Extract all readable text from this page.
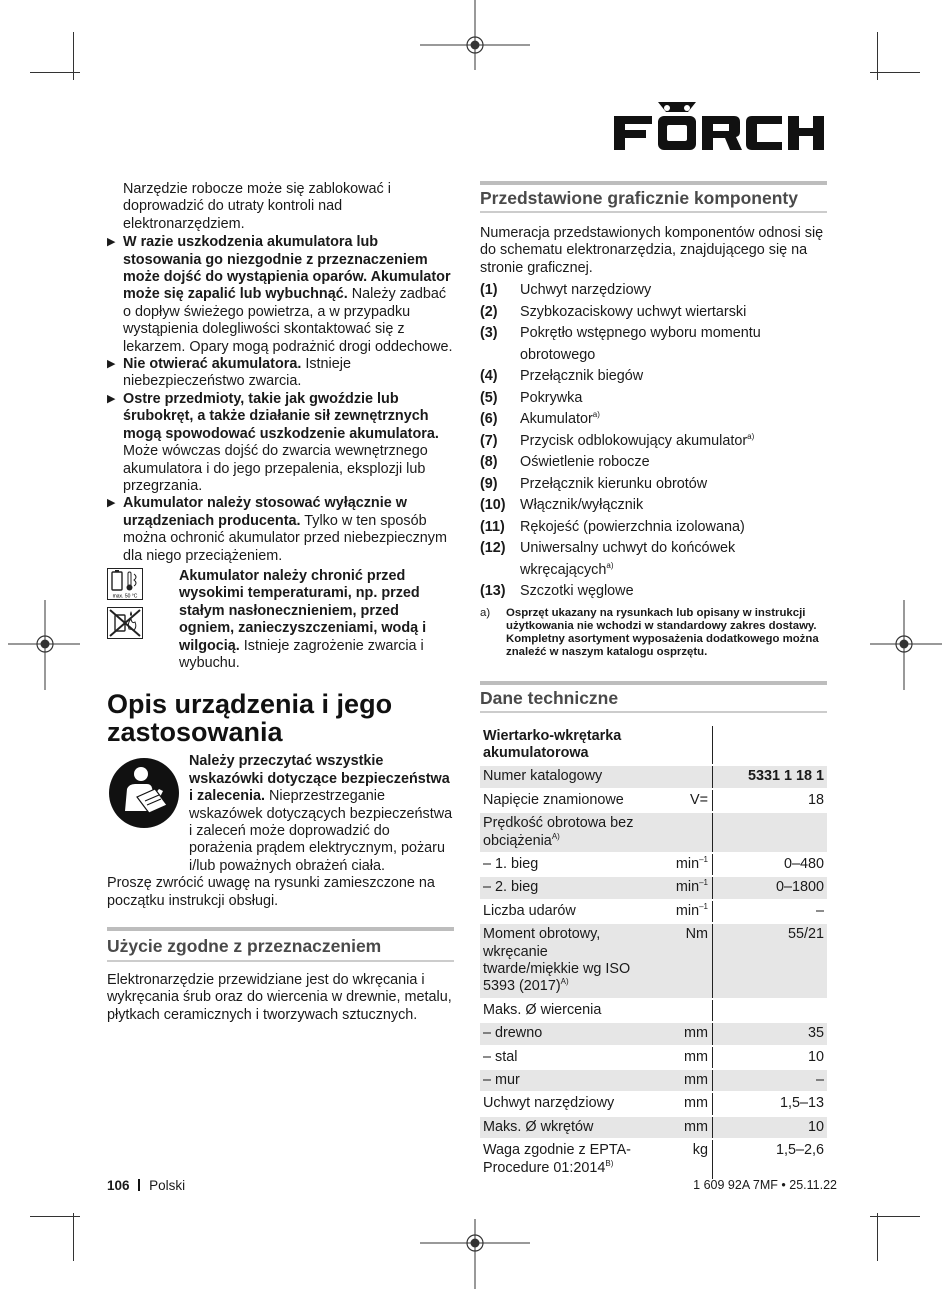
Narzędzie robocze może się zablokować i doprowadzić do utraty kontroli nad elektronarzędziem.

▶ W razie uszkodzenia akumulatora lub stosowania go niezgodnie z przeznaczeniem może dojść do wystąpienia oparów. Akumulator może się zapalić lub wybuchnąć. Należy zadbać o dopływ świeżego powietrza, a w przypadku wystąpienia dolegliwości skontaktować się z lekarzem. Opary mogą podrażnić drogi oddechowe.
▶ Nie otwierać akumulatora. Istnieje niebezpieczeństwo zwarcia.
▶ Ostre przedmioty, takie jak gwoździe lub śrubokręt, a także działanie sił zewnętrznych mogą spowodować uszkodzenie akumulatora. Może wówczas dojść do zwarcia wewnętrznego akumulatora i do jego przepalenia, eksplozji lub przegrzania.
▶ Akumulator należy stosować wyłącznie w urządzeniach producenta. Tylko w ten sposób można ochronić akumulator przed niebezpiecznym dla niego przeciążeniem.
max. 50 °C

Akumulator należy chronić przed wysokimi temperaturami, np. przed stałym nasłonecznieniem, przed ogniem, zanieczyszczeniami, wodą i wilgocią. Istnieje zagrożenie zwarcia i wybuchu.

Opis urządzenia i jego zastosowania

Należy przeczytać wszystkie wskazówki dotyczące bezpieczeństwa i zalecenia. Nieprzestrzeganie wskazówek dotyczących bezpieczeństwa i zaleceń może doprowadzić do porażenia prądem elektrycznym, pożaru i/lub poważnych obrażeń ciała.

Proszę zwrócić uwagę na rysunki zamieszczone na początku instrukcji obsługi.

Użycie zgodne z przeznaczeniem

Elektronarzędzie przewidziane jest do wkręcania i wykręcania śrub oraz do wiercenia w drewnie, metalu, płytkach ceramicznych i tworzywach sztucznych.

Przedstawione graficznie komponenty

Numeracja przedstawionych komponentów odnosi się do schematu elektronarzędzia, znajdującego się na stronie graficznej.

(1)	Uchwyt narzędziowy
(2)	Szybkozaciskowy uchwyt wiertarski
(3)	Pokrętło wstępnego wyboru momentu obrotowego
(4)	Przełącznik biegów
(5)	Pokrywka
(6)	Akumulator$^{a)}$
(7)	Przycisk odblokowujący akumulator$^{a)}$
(8)	Oświetlenie robocze
(9)	Przełącznik kierunku obrotów
(10)	Włącznik/wyłącznik
(11)	Rękojeść (powierzchnia izolowana)
(12)	Uniwersalny uchwyt do końcówek wkręcających$^{a)}$
(13)	Szczotki węglowe
a)	Osprzęt ukazany na rysunkach lub opisany w instrukcji użytkowania nie wchodzi w standardowy zakres dostawy. Kompletny asortyment wyposażenia dodatkowego można znaleźć w naszym katalogu osprzętu.
Dane techniczne
Wiertarko-wkrętarka akumulatorowa		
Numer katalogowy		5331 1 18 1
Napięcie znamionowe	V=	18
Prędkość obrotowa bez obciążenia$^{A)}$		
– 1. bieg	$\min^{-1}$	0–480
– 2. bieg	$\min^{-1}$	0–1800
Liczba udarów	$\min^{-1}$	–
Moment obrotowy, wkręcanie twarde/miękkie wg ISO 5393 $(2017)^{A)}$	Nm	55/21
Maks. Ø wiercenia		
– drewno	mm	35
– stal	mm	10
– mur	mm	–
Uchwyt narzędziowy	mm	1,5–13
Maks. Ø wkrętów	mm	10
Waga zgodnie z EPTA-Procedure $01:2014^{B)}$	kg	1,5–2,6
106 Polski	1 609 92A 7MF • 25.11.22
